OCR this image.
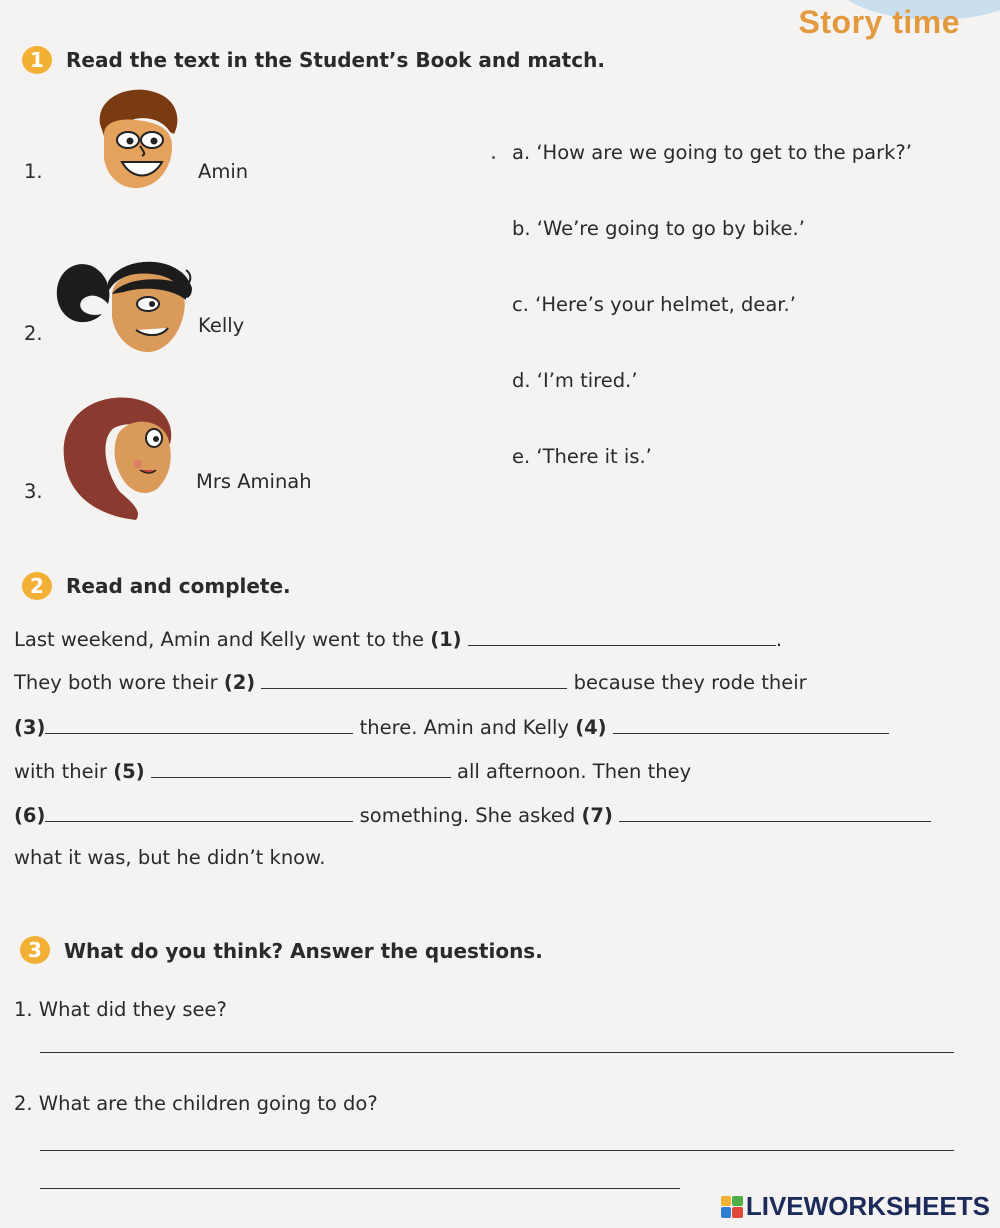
Story time
1	Read the text in the Student’s Book and match.
1.	Amin
2.	Kelly
3.	Mrs Aminah
a. ‘How are we going to get to the park?’
b. ‘We’re going to go by bike.’
c. ‘Here’s your helmet, dear.’
d. ‘I’m tired.’
e. ‘There it is.’
2	Read and complete.
Last weekend, Amin and Kelly went to the (1)	.
They both wore their (2)	because they rode their
(3)	there. Amin and Kelly (4)
with their (5)	all afternoon. Then they
(6)	something. She asked (7)
what it was, but he didn’t know.
3	What do you think? Answer the questions.
1. What did they see?
2. What are the children going to do?
LIVEWORKSHEETS
